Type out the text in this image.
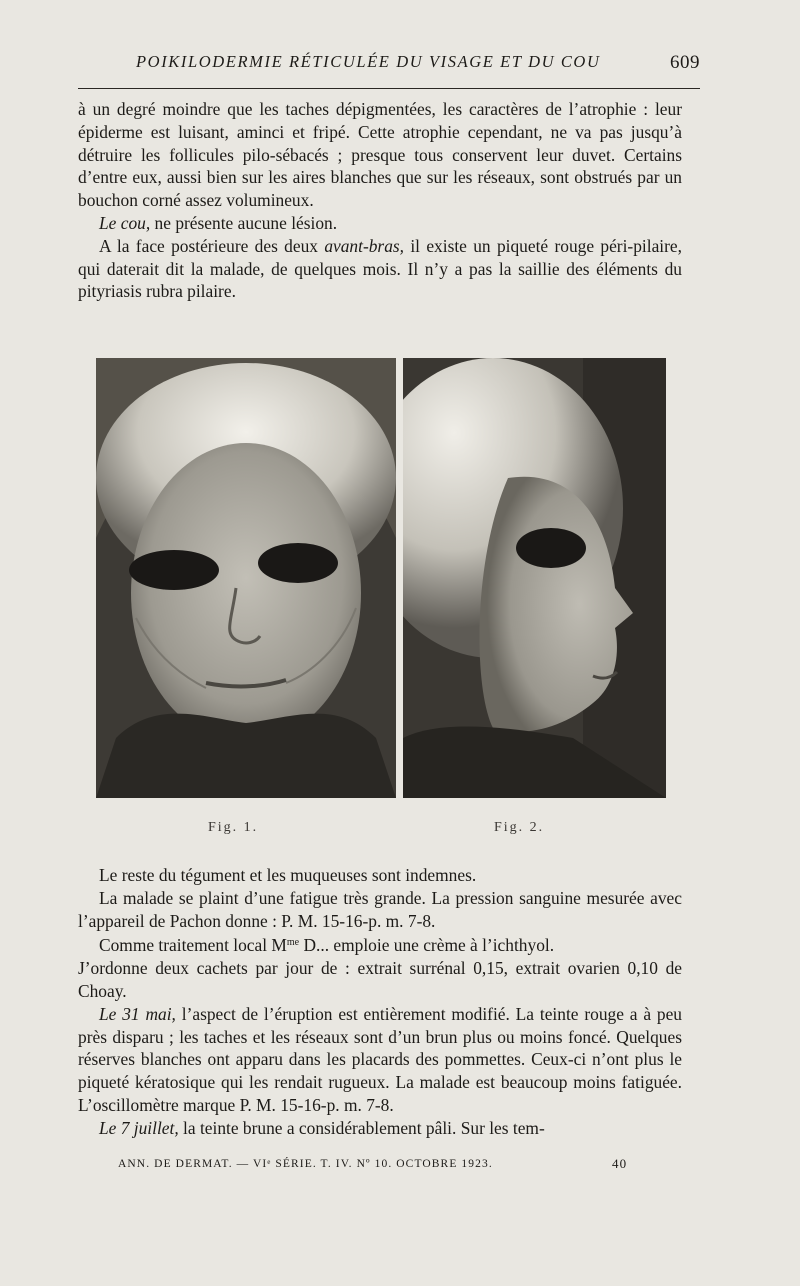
POIKILODERMIE RÉTICULÉE DU VISAGE ET DU COU	609

à un degré moindre que les taches dépigmentées, les caractères de l’atrophie : leur épiderme est luisant, aminci et fripé. Cette atrophie cependant, ne va pas jusqu’à détruire les follicules pilo-sébacés ; presque tous conservent leur duvet. Certains d’entre eux, aussi bien sur les aires blanches que sur les réseaux, sont obstrués par un bouchon corné assez volumineux.

Le cou, ne présente aucune lésion.

A la face postérieure des deux avant-bras, il existe un piqueté rouge péri-pilaire, qui daterait dit la malade, de quelques mois. Il n’y a pas la saillie des éléments du pityriasis rubra pilaire.

Fig. 1.	Fig. 2.

Le reste du tégument et les muqueuses sont indemnes.

La malade se plaint d’une fatigue très grande. La pression sanguine mesurée avec l’appareil de Pachon donne : P. M. 15-16-p. m. 7-8.

Comme traitement local $M^{me}$ D... emploie une crème à l’ichthyol.

J’ordonne deux cachets par jour de : extrait surrénal 0,15, extrait ovarien 0,10 de Choay.

Le 31 mai, l’aspect de l’éruption est entièrement modifié. La teinte rouge a à peu près disparu ; les taches et les réseaux sont d’un brun plus ou moins foncé. Quelques réserves blanches ont apparu dans les placards des pommettes. Ceux-ci n’ont plus le piqueté kératosique qui les rendait rugueux. La malade est beaucoup moins fatiguée. L’oscillomètre marque P. M. 15-16-p. m. 7-8.

Le 7 juillet, la teinte brune a considérablement pâli. Sur les tem-

ANN. DE DERMAT. — VIᵉ SÉRIE. T. IV. Nº 10. OCTOBRE 1923.	40
